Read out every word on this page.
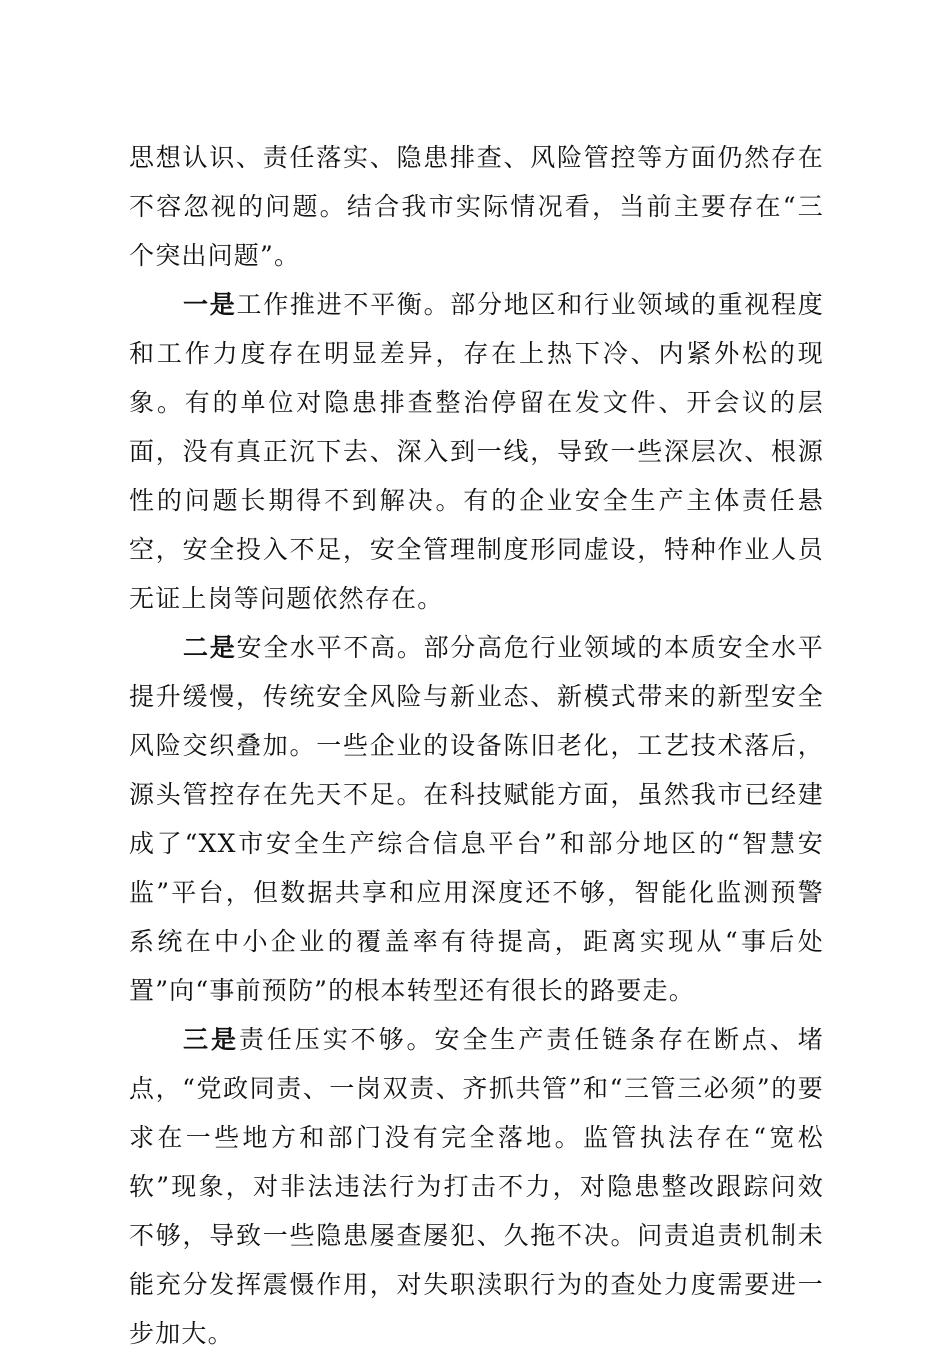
思想认识、责任落实、隐患排查、风险管控等方面仍然存在不容忽视的问题。结合我市实际情况看，当前主要存在“三个突出问题”。

一是工作推进不平衡。部分地区和行业领域的重视程度和工作力度存在明显差异，存在上热下冷、内紧外松的现象。有的单位对隐患排查整治停留在发文件、开会议的层面，没有真正沉下去、深入到一线，导致一些深层次、根源性的问题长期得不到解决。有的企业安全生产主体责任悬空，安全投入不足，安全管理制度形同虚设，特种作业人员无证上岗等问题依然存在。

二是安全水平不高。部分高危行业领域的本质安全水平提升缓慢，传统安全风险与新业态、新模式带来的新型安全风险交织叠加。一些企业的设备陈旧老化，工艺技术落后，源头管控存在先天不足。在科技赋能方面，虽然我市已经建成了“XX市安全生产综合信息平台”和部分地区的“智慧安监”平台，但数据共享和应用深度还不够，智能化监测预警系统在中小企业的覆盖率有待提高，距离实现从“事后处置”向“事前预防”的根本转型还有很长的路要走。

三是责任压实不够。安全生产责任链条存在断点、堵点，“党政同责、一岗双责、齐抓共管”和“三管三必须”的要求在一些地方和部门没有完全落地。监管执法存在“宽松软”现象，对非法违法行为打击不力，对隐患整改跟踪问效不够，导致一些隐患屡查屡犯、久拖不决。问责追责机制未能充分发挥震慑作用，对失职渎职行为的查处力度需要进一步加大。
